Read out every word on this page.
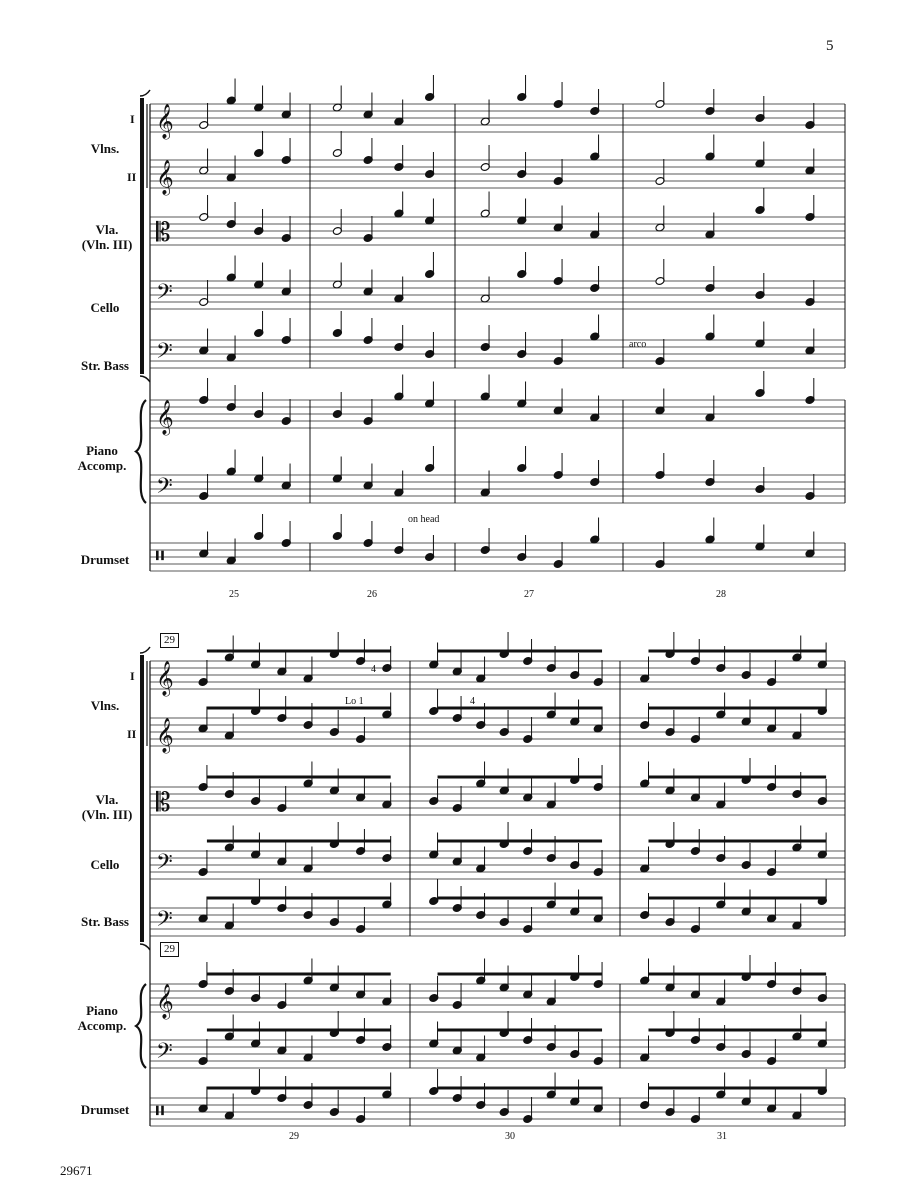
𝄞
𝄞
𝄡
𝄢
𝄢
𝄞
𝄢
𝄥
𝄞
𝄞
𝄡
𝄢
𝄢
𝄞
𝄢
𝄥
5
29671
Vlns.
I
II
Vla.
(Vln. III)
Cello
Str. Bass
Piano
Accomp.
Drumset
arco
on head
25	26	27	28
29
Vlns.
I
II
Vla.
(Vln. III)
Cello
Str. Bass
29
Piano
Accomp.
Drumset
Lo 1
4
4
29	30	31
